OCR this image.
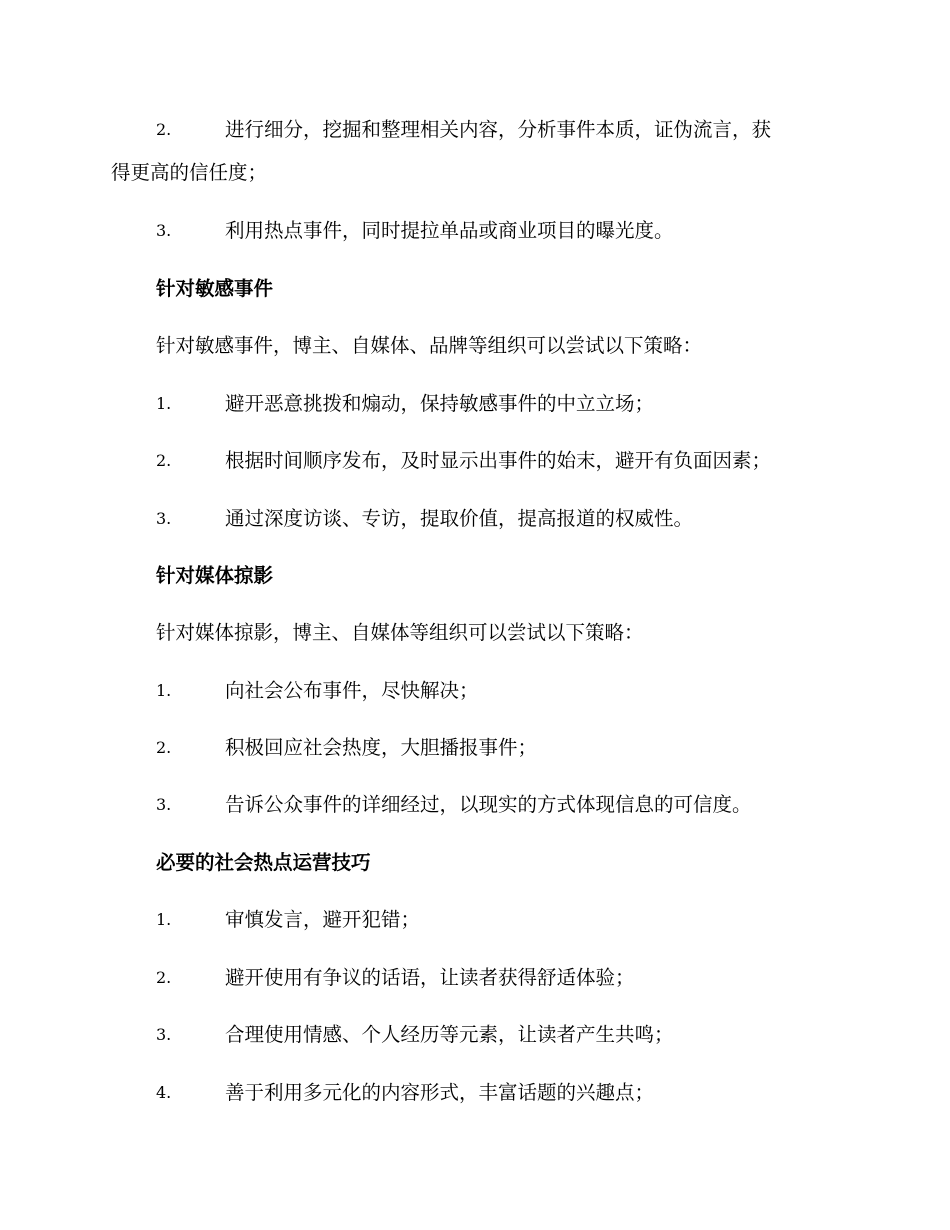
2.	进行细分，挖掘和整理相关内容，分析事件本质，证伪流言，获
得更高的信任度；
3.	利用热点事件，同时提拉单品或商业项目的曝光度。
针对敏感事件
针对敏感事件，博主、自媒体、品牌等组织可以尝试以下策略：
1.	避开恶意挑拨和煽动，保持敏感事件的中立立场；
2.	根据时间顺序发布，及时显示出事件的始末，避开有负面因素；
3.	通过深度访谈、专访，提取价值，提高报道的权威性。
针对媒体掠影
针对媒体掠影，博主、自媒体等组织可以尝试以下策略：
1.	向社会公布事件，尽快解决；
2.	积极回应社会热度，大胆播报事件；
3.	告诉公众事件的详细经过，以现实的方式体现信息的可信度。
必要的社会热点运营技巧
1.	审慎发言，避开犯错；
2.	避开使用有争议的话语，让读者获得舒适体验；
3.	合理使用情感、个人经历等元素，让读者产生共鸣；
4.	善于利用多元化的内容形式，丰富话题的兴趣点；
